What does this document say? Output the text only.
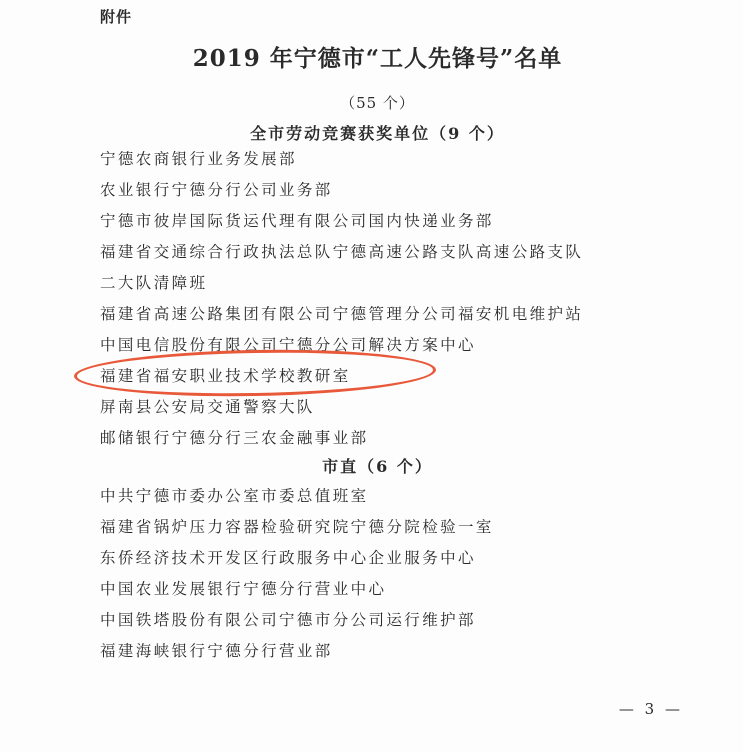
附件
2019 年宁德市“工人先锋号”名单
（55 个）
全市劳动竞赛获奖单位（9 个）
宁德农商银行业务发展部
农业银行宁德分行公司业务部
宁德市彼岸国际货运代理有限公司国内快递业务部
福建省交通综合行政执法总队宁德高速公路支队高速公路支队
二大队清障班
福建省高速公路集团有限公司宁德管理分公司福安机电维护站
中国电信股份有限公司宁德分公司解决方案中心
福建省福安职业技术学校教研室
屏南县公安局交通警察大队
邮储银行宁德分行三农金融事业部
市直（6 个）
中共宁德市委办公室市委总值班室
福建省锅炉压力容器检验研究院宁德分院检验一室
东侨经济技术开发区行政服务中心企业服务中心
中国农业发展银行宁德分行营业中心
中国铁塔股份有限公司宁德市分公司运行维护部
福建海峡银行宁德分行营业部
— 3 —
